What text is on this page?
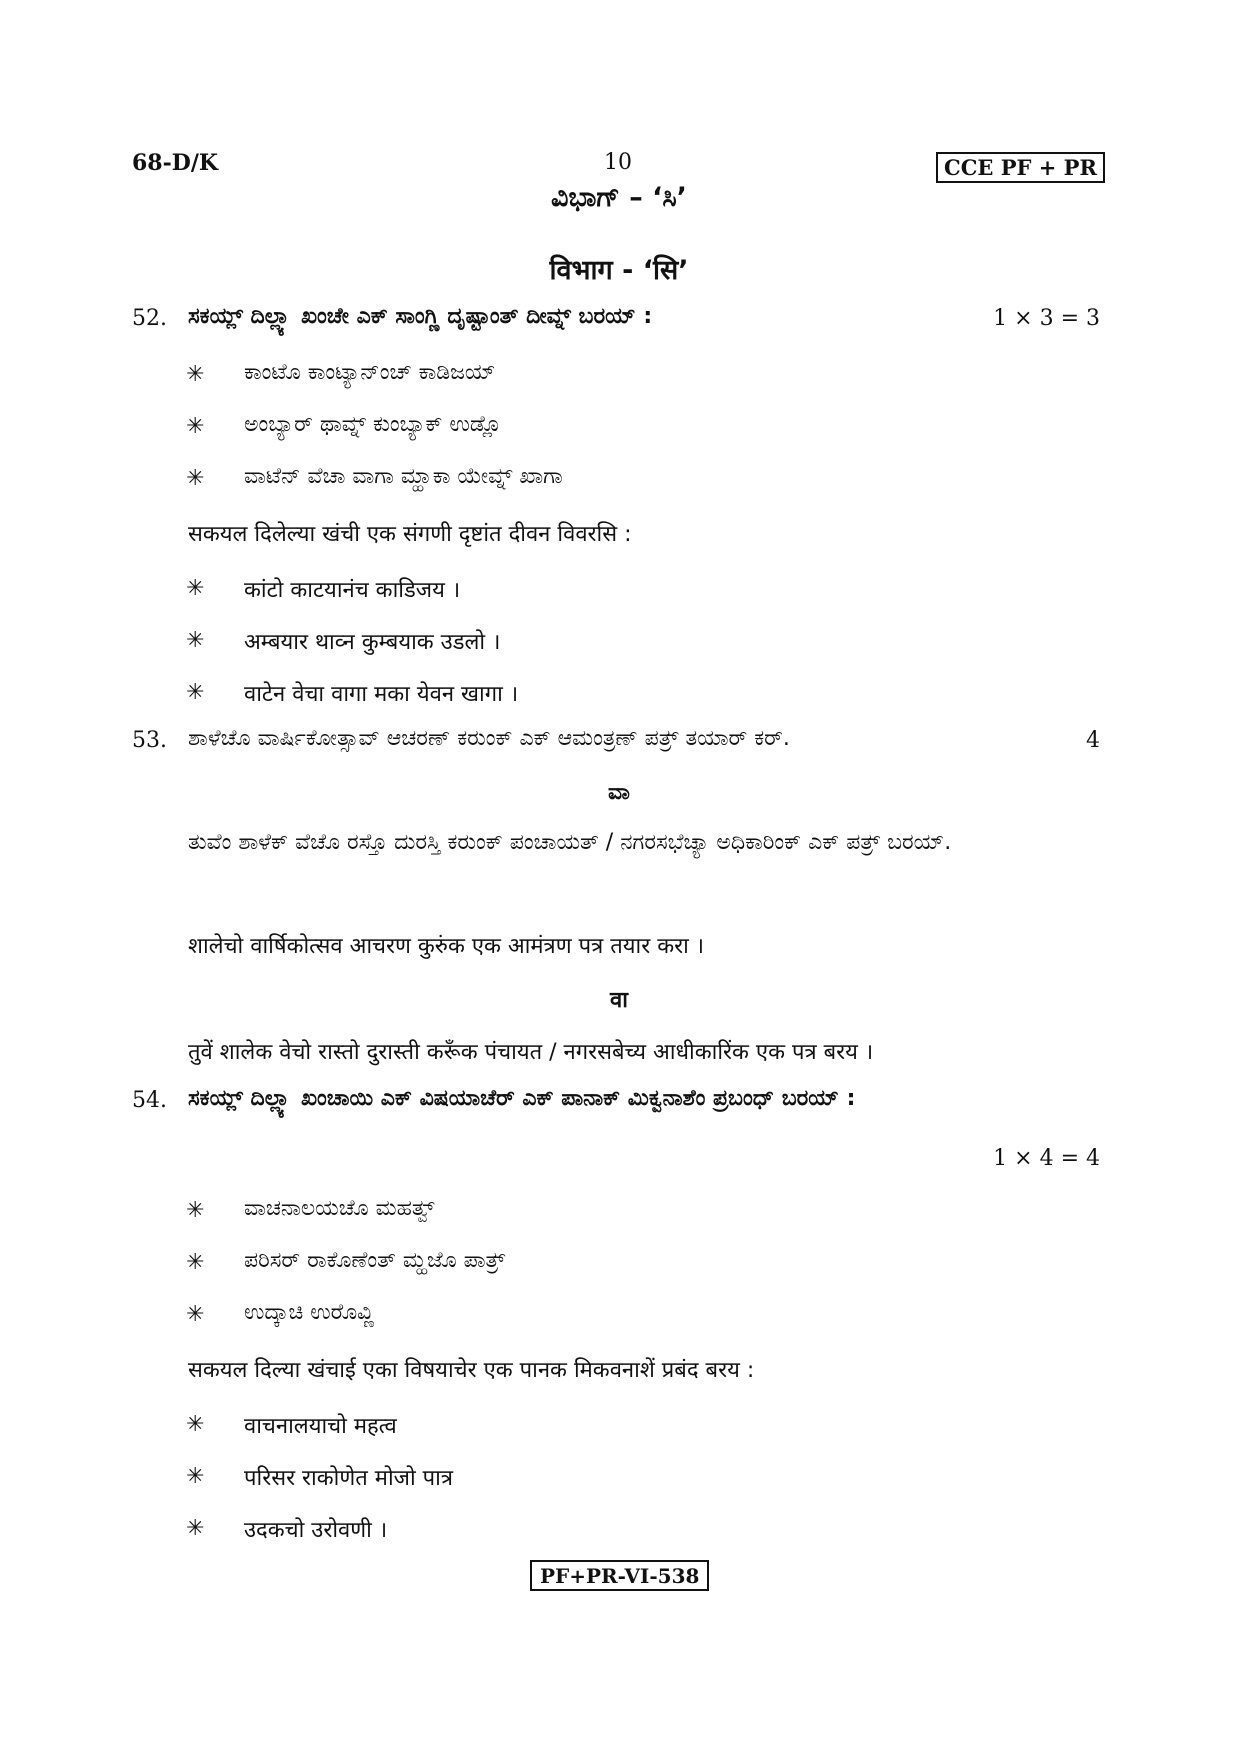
68-D/K	10	CCE PF + PR
ವಿಭಾಗ್ – ‘ಸಿ’
विभाग - ‘सि’
52. ಸಕಯ್ಲ್ ದಿಲ್ಲ್ಯಾ ಖಂಚೇ ಎಕ್ ಸಾಂಗ್ಣಿ ದೃಷ್ಟಾಂತ್ ದೀವ್ನ್ ಬರಯ್ :	1 × 3 = 3
✳ ಕಾಂಟೊ ಕಾಂಟ್ಯಾನ್‌ಂಚ್ ಕಾಡಿಜಯ್
✳ ಅಂಬ್ಯಾರ್ ಥಾವ್ನ್ ಕುಂಬ್ಯಾಕ್ ಉಡ್ಲೊ
✳ ವಾಟೆನ್ ವೆಚಾ ವಾಗಾ ಮ್ಹಾಕಾ ಯೇವ್ನ್ ಖಾಗಾ
सकयल दिलेल्या खंची एक संगणी दृष्टांत दीवन विवरसि :
✳ कांटो काटयानंच काडिजय ।
✳ अम्बयार थाव्न कुम्बयाक उडलो ।
✳ वाटेन वेचा वागा मका येवन खागा ।
53. ಶಾಳೆಚೊ ವಾರ್ಷಿಕೋತ್ಸಾವ್ ಆಚರಣ್ ಕರುಂಕ್ ಎಕ್ ಆಮಂತ್ರಣ್ ಪತ್ರ್ ತಯಾರ್ ಕರ್.	4
ವಾ
ತುವೆಂ ಶಾಳೆಕ್ ವೆಚೊ ರಸ್ತೊ ದುರಸ್ತಿ ಕರುಂಕ್ ಪಂಚಾಯತ್ / ನಗರಸಭೆಚ್ಯಾ ಅಧಿಕಾರಿಂಕ್ ಎಕ್ ಪತ್ರ್ ಬರಯ್.
शालेचो वार्षिकोत्सव आचरण कुरुंक एक आमंत्रण पत्र तयार करा ।
वा
तुवें शालेक वेचो रास्तो दुरास्ती करूँक पंचायत / नगरसबेच्य आधीकारिंक एक पत्र बरय ।
54. ಸಕಯ್ಲ್ ದಿಲ್ಲ್ಯಾ ಖಂಚಾಯಿ ಎಕ್ ವಿಷಯಾಚೆರ್ ಎಕ್ ಪಾನಾಕ್ ಮಿಕ್ವನಾಶೆಂ ಪ್ರಬಂಧ್ ಬರಯ್ :
1 × 4 = 4
✳ ವಾಚನಾಲಯಚೊ ಮಹತ್ವ್
✳ ಪರಿಸರ್ ರಾಕೊಣೆಂತ್ ಮ್ಹಜೊ ಪಾತ್ರ್
✳ ಉದ್ಕಾಚಿ ಉರೊವ್ಣಿ
सकयल दिल्या खंचाई एका विषयाचेर एक पानक मिकवनाशें प्रबंद बरय :
✳ वाचनालयाचो महत्व
✳ परिसर राकोणेत मोजो पात्र
✳ उदकचो उरोवणी ।
PF+PR-VI-538
